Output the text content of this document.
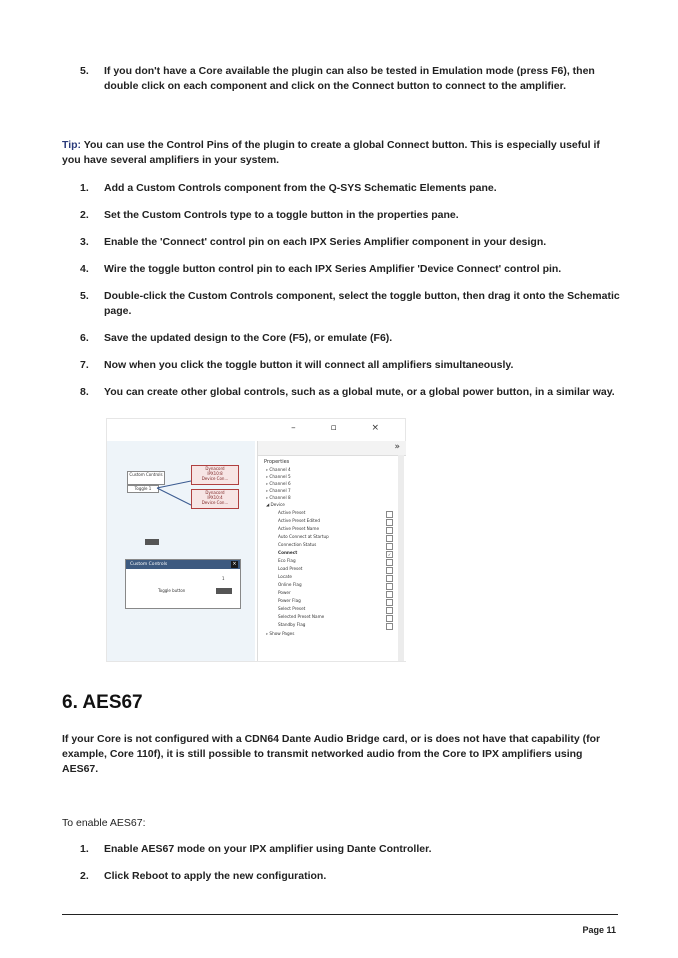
5.	If you don't have a Core available the plugin can also be tested in Emulation mode (press F6), then double click on each component and click on the Connect button to connect to the amplifier.
Tip: You can use the Control Pins of the plugin to create a global Connect button. This is especially useful if you have several amplifiers in your system.
1.	Add a Custom Controls component from the Q-SYS Schematic Elements pane.
2.	Set the Custom Controls type to a toggle button in the properties pane.
3.	Enable the 'Connect' control pin on each IPX Series Amplifier component in your design.
4.	Wire the toggle button control pin to each IPX Series Amplifier 'Device Connect' control pin.
5.	Double-click the Custom Controls component, select the toggle button, then drag it onto the Schematic page.
6.	Save the updated design to the Core (F5), or emulate (F6).
7.	Now when you click the toggle button it will connect all amplifiers simultaneously.
8.	You can create other global controls, such as a global mute, or a global power button, in a similar way.
– ▫ ×
Custom Controls
Toggle 1
Dynacord
IPX10:8
Device Con...
Dynacord
IPX10:4
Device Con...
Custom Controls	×
1
Toggle button
»
Properties
▹ Channel 4
▹ Channel 5
▹ Channel 6
▹ Channel 7
▹ Channel 8
◢ Device
Active Preset
Active Preset Edited
Active Preset Name
Auto Connect at Startup
Connection Status
Connect	✓
Eco Flag
Load Preset
Locate
Online Flag
Power
Power Flag
Select Preset
Selected Preset Name
Standby Flag
▹ Show Pages
6. AES67
If your Core is not configured with a CDN64 Dante Audio Bridge card, or is does not have that capability (for example, Core 110f), it is still possible to transmit networked audio from the Core to IPX amplifiers using AES67.
To enable AES67:
1.	Enable AES67 mode on your IPX amplifier using Dante Controller.
2.	Click Reboot to apply the new configuration.
Page 11
